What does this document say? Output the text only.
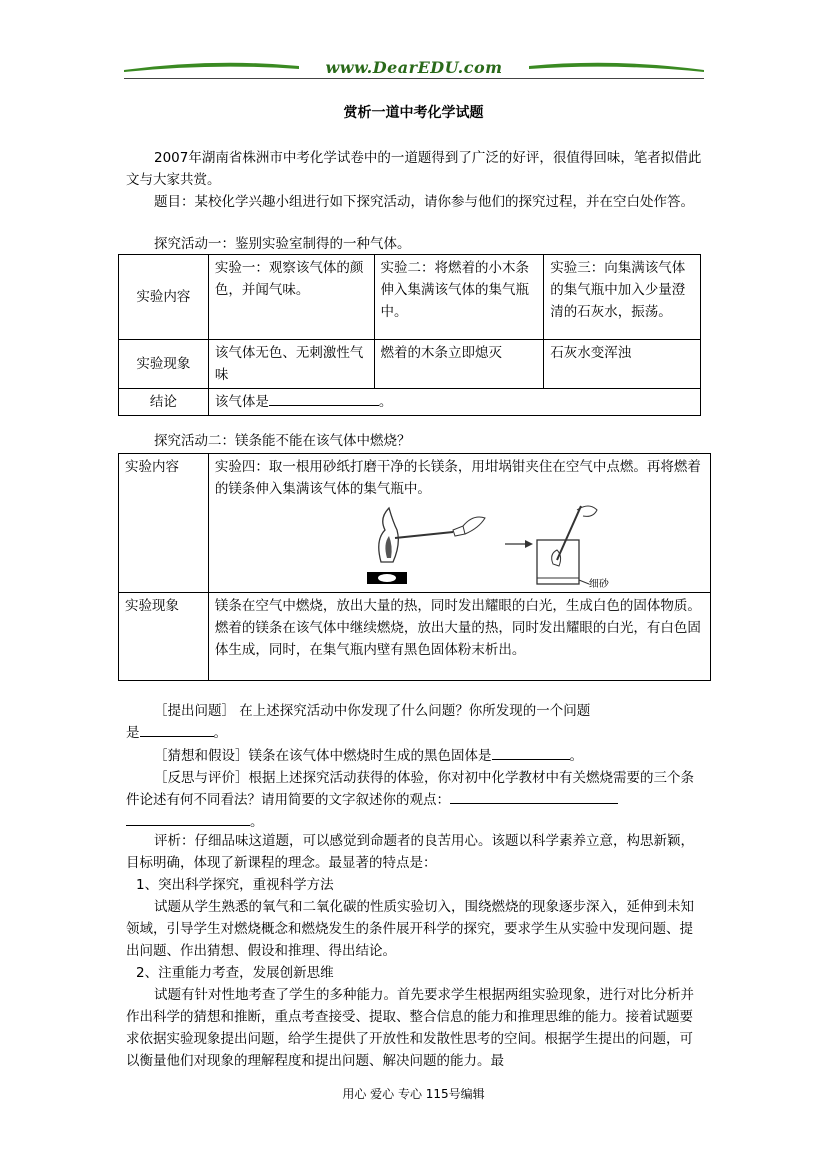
www.DearEDU.com
赏析一道中考化学试题

2007年湖南省株洲市中考化学试卷中的一道题得到了广泛的好评，很值得回味，笔者拟借此文与大家共赏。

题目：某校化学兴趣小组进行如下探究活动，请你参与他们的探究过程，并在空白处作答。

探究活动一：鉴别实验室制得的一种气体。

实验内容	实验一：观察该气体的颜色，并闻气味。	实验二：将燃着的小木条伸入集满该气体的集气瓶中。	实验三：向集满该气体的集气瓶中加入少量澄清的石灰水，振荡。
实验现象	该气体无色、无刺激性气味	燃着的木条立即熄灭	石灰水变浑浊
结论	该气体是 。		

探究活动二：镁条能不能在该气体中燃烧？

实验内容	实验四：取一根用砂纸打磨干净的长镁条，用坩埚钳夹住在空气中点燃。再将燃着的镁条伸入集满该气体的集气瓶中。
细砂

实验现象	镁条在空气中燃烧，放出大量的热，同时发出耀眼的白光，生成白色的固体物质。
燃着的镁条在该气体中继续燃烧，放出大量的热，同时发出耀眼的白光，有白色固体生成，同时，在集气瓶内壁有黑色固体粉末析出。

［提出问题］ 在上述探究活动中你发现了什么问题？你所发现的一个问题

是	。

［猜想和假设］镁条在该气体中燃烧时生成的黑色固体是	。

［反思与评价］根据上述探究活动获得的体验，你对初中化学教材中有关燃烧需要的三个条件论述有何不同看法？请用简要的文字叙述你的观点：

。

评析：仔细品味这道题，可以感觉到命题者的良苦用心。该题以科学素养立意，构思新颖，目标明确，体现了新课程的理念。最显著的特点是：

1、突出科学探究，重视科学方法

试题从学生熟悉的氧气和二氧化碳的性质实验切入，围绕燃烧的现象逐步深入，延伸到未知领域，引导学生对燃烧概念和燃烧发生的条件展开科学的探究，要求学生从实验中发现问题、提出问题、作出猜想、假设和推理、得出结论。

2、注重能力考查，发展创新思维

试题有针对性地考查了学生的多种能力。首先要求学生根据两组实验现象，进行对比分析并作出科学的猜想和推断，重点考查接受、提取、整合信息的能力和推理思维的能力。接着试题要求依据实验现象提出问题，给学生提供了开放性和发散性思考的空间。根据学生提出的问题，可以衡量他们对现象的理解程度和提出问题、解决问题的能力。最

用心 爱心 专心 115号编辑
